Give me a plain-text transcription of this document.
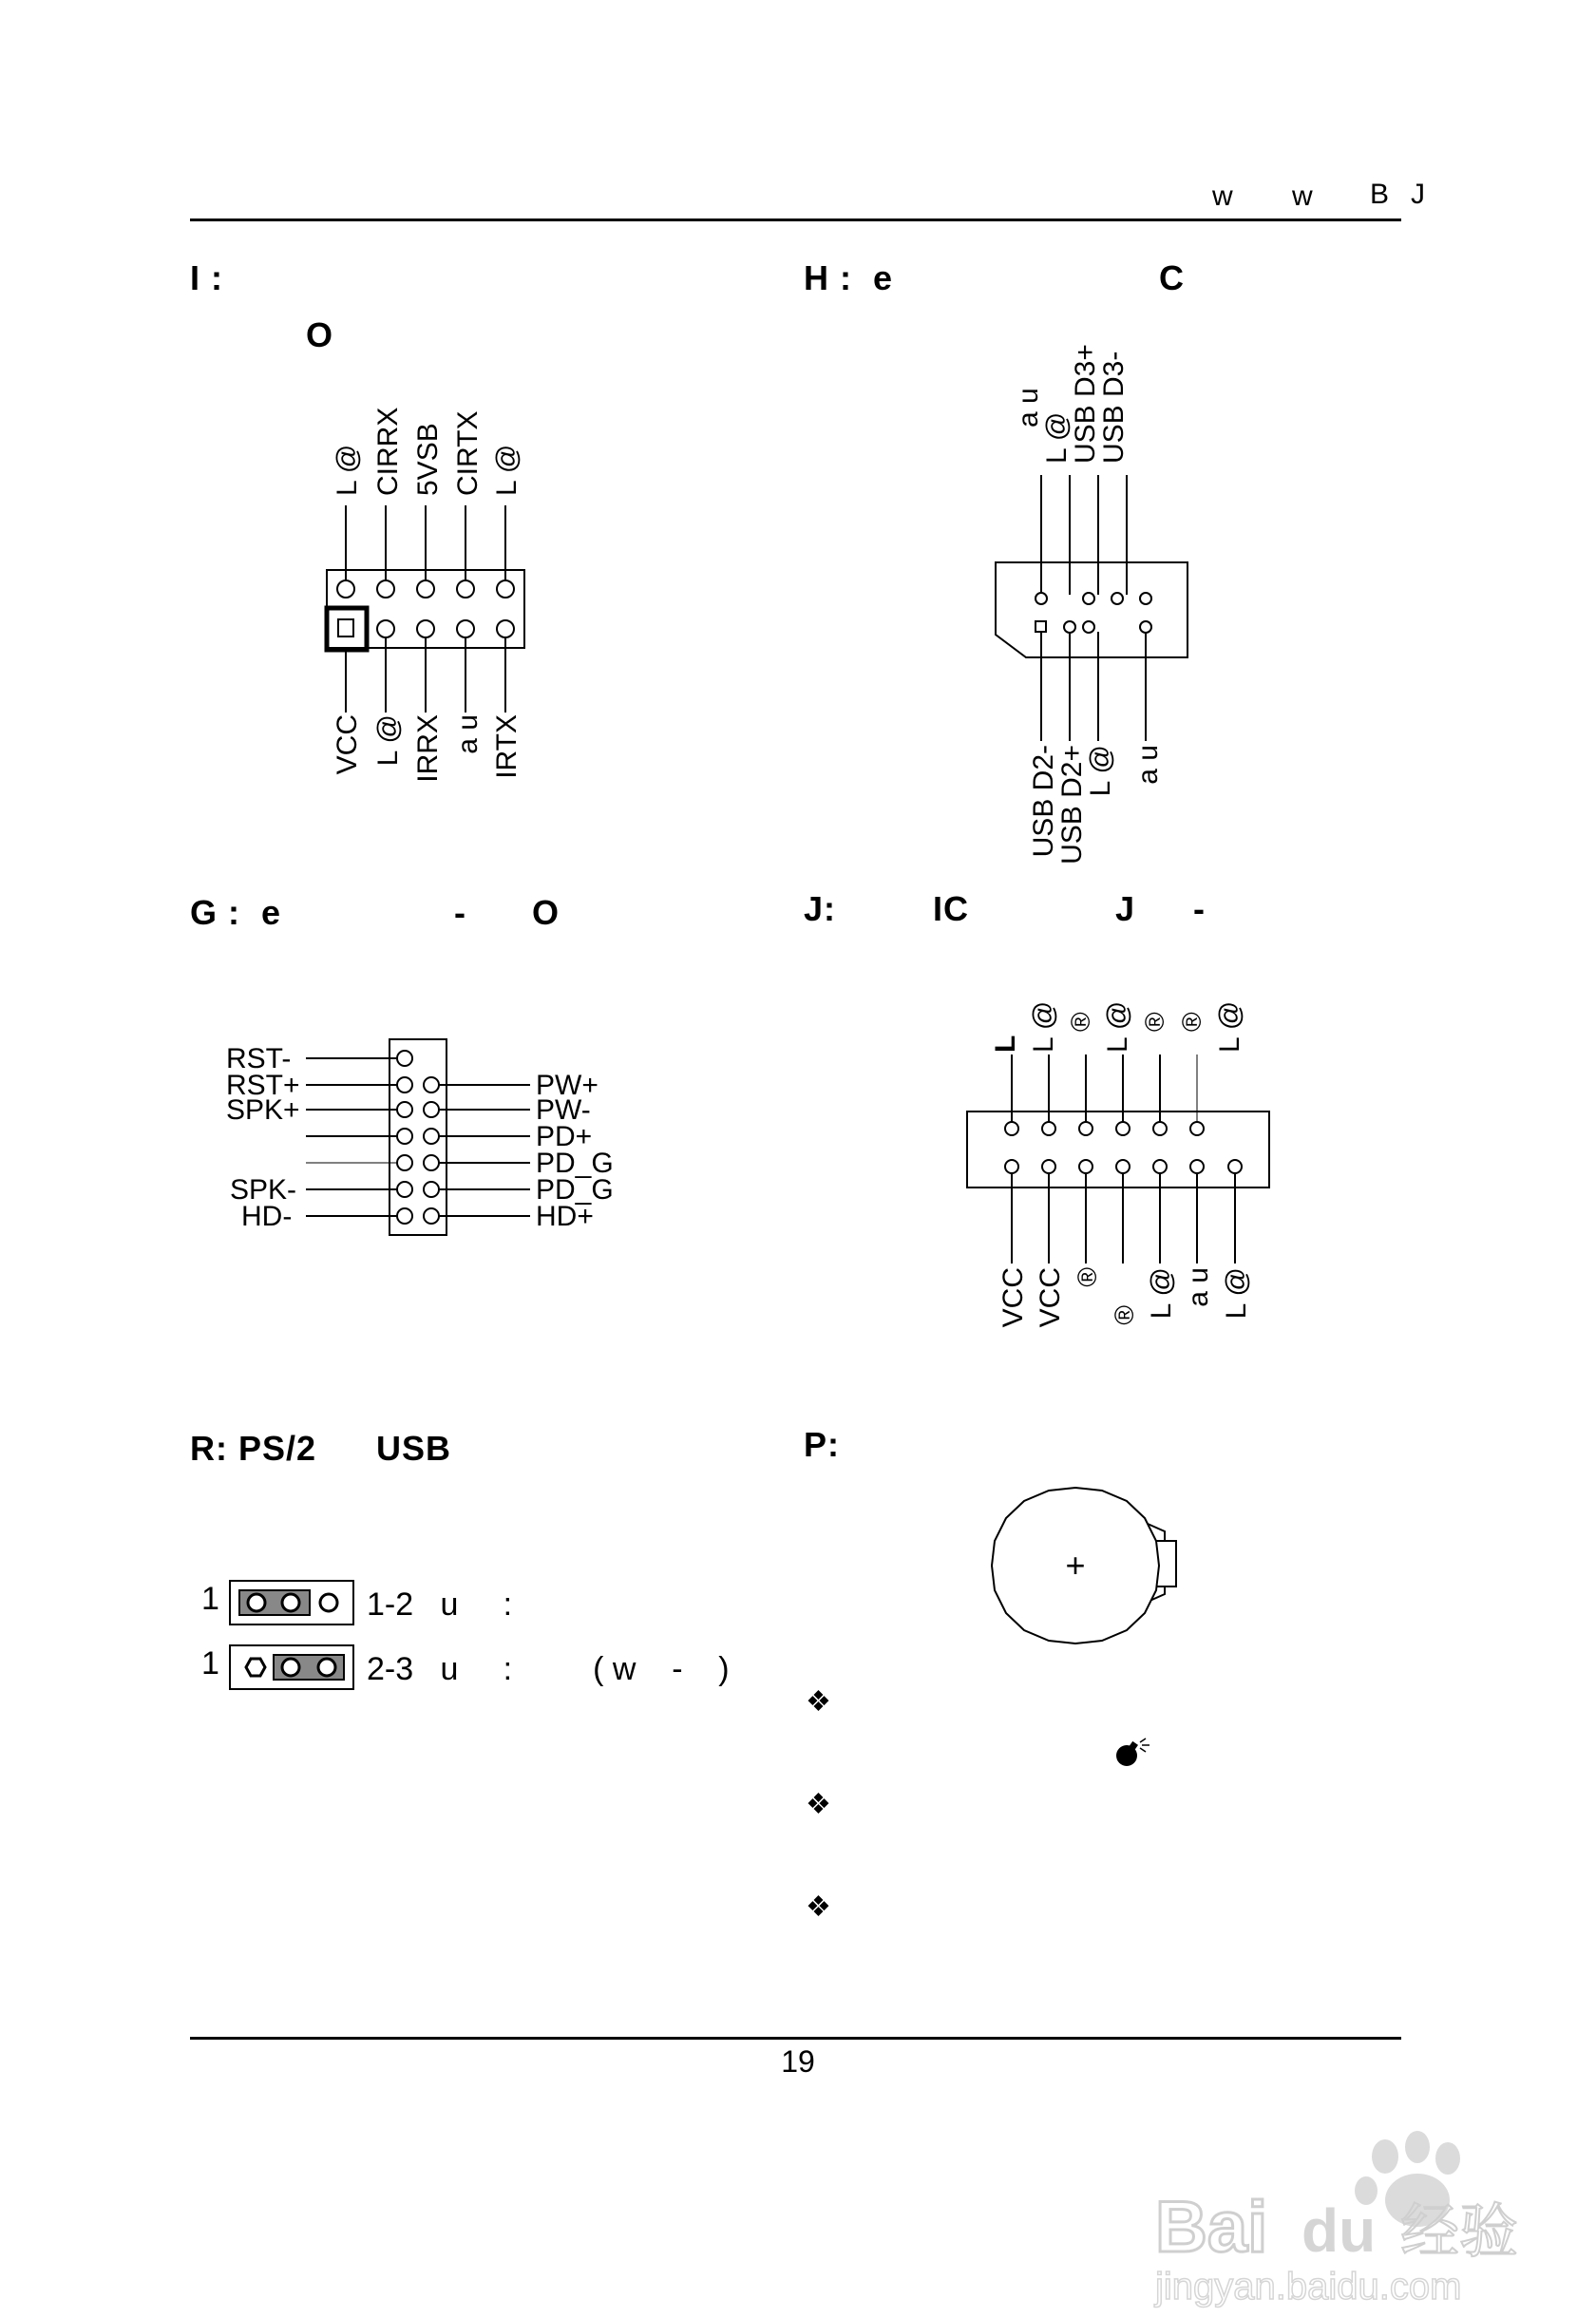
w w B J
I :
O
L @ CIRRX 5VSB CIRTX L @
VCC L @ IRRX a u IRTX
H :  e	C
a u
L @
USB D3+
USB D3-
USB D2-
USB D2+
L @ a u
G :  e	- O
RST-
RST+
SPK+
SPK-
HD-
PW+
PW-
PD+
PD_G
PD_G
HD+
J:	IC	J -
L L @ ® L @ ® ® L @
VCC VCC ®
® L @ a u L @
R: PS/2 USB
1	1-2   u     :
1	2-3   u     :         ( w    -    )
P:
+
❖
❖
❖
19
Bai du 经验
jingyan.baidu.com
